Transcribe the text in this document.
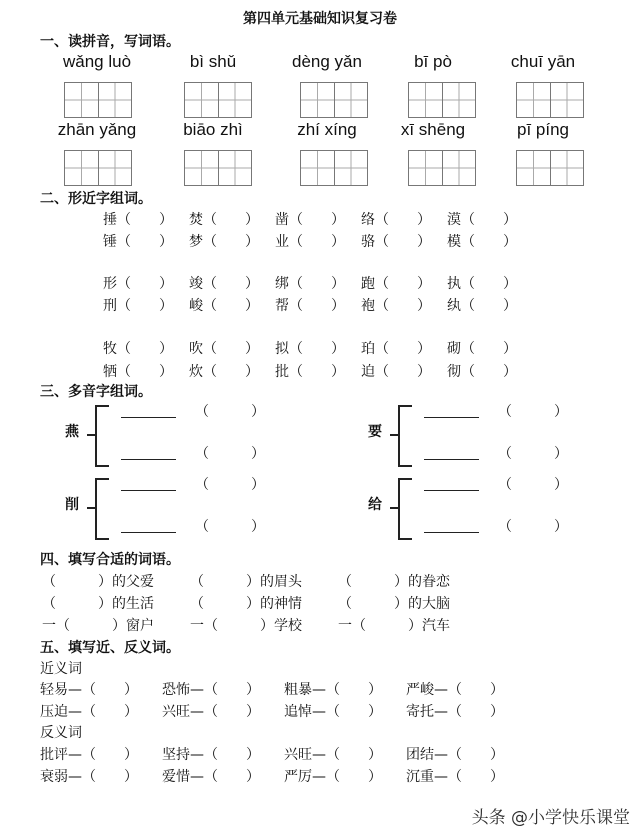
第四单元基础知识复习卷
一、读拼音，写词语。
wǎng luò	bì shǔ	dèng yǎn	bī pò	chuī yān
zhān yǎng	biāo zhì	zhí xíng	xī shēng	pī píng
二、形近字组词。
捶（　　）	焚（　　）	凿（　　）	络（　　）	漠（　　）
锤（　　）	梦（　　）	业（　　）	骆（　　）	模（　　）
形（　　）	竣（　　）	绑（　　）	跑（　　）	执（　　）
刑（　　）	峻（　　）	帮（　　）	袍（　　）	纨（　　）
牧（　　）	吹（　　）	拟（　　）	珀（　　）	砌（　　）
牺（　　）	炊（　　）	批（　　）	迫（　　）	彻（　　）
三、多音字组词。
燕
（　　　）
（　　　）
要
（　　　）
（　　　）
削
（　　　）
（　　　）
给
（　　　）
（　　　）
四、填写合适的词语。
（　　　）的父爱	（　　　）的眉头	（　　　）的眷恋
（　　　）的生活	（　　　）的神情	（　　　）的大脑
一（　　　）窗户	一（　　　）学校	一（　　　）汽车
五、填写近、反义词。
近义词
反义词
轻易—（　　）	恐怖—（　　）	粗暴—（　　）	严峻—（　　）
压迫—（　　）	兴旺—（　　）	追悼—（　　）	寄托—（　　）
批评—（　　）	坚持—（　　）	兴旺—（　　）	团结—（　　）
衰弱—（　　）	爱惜—（　　）	严厉—（　　）	沉重—（　　）
头条 @小学快乐课堂
